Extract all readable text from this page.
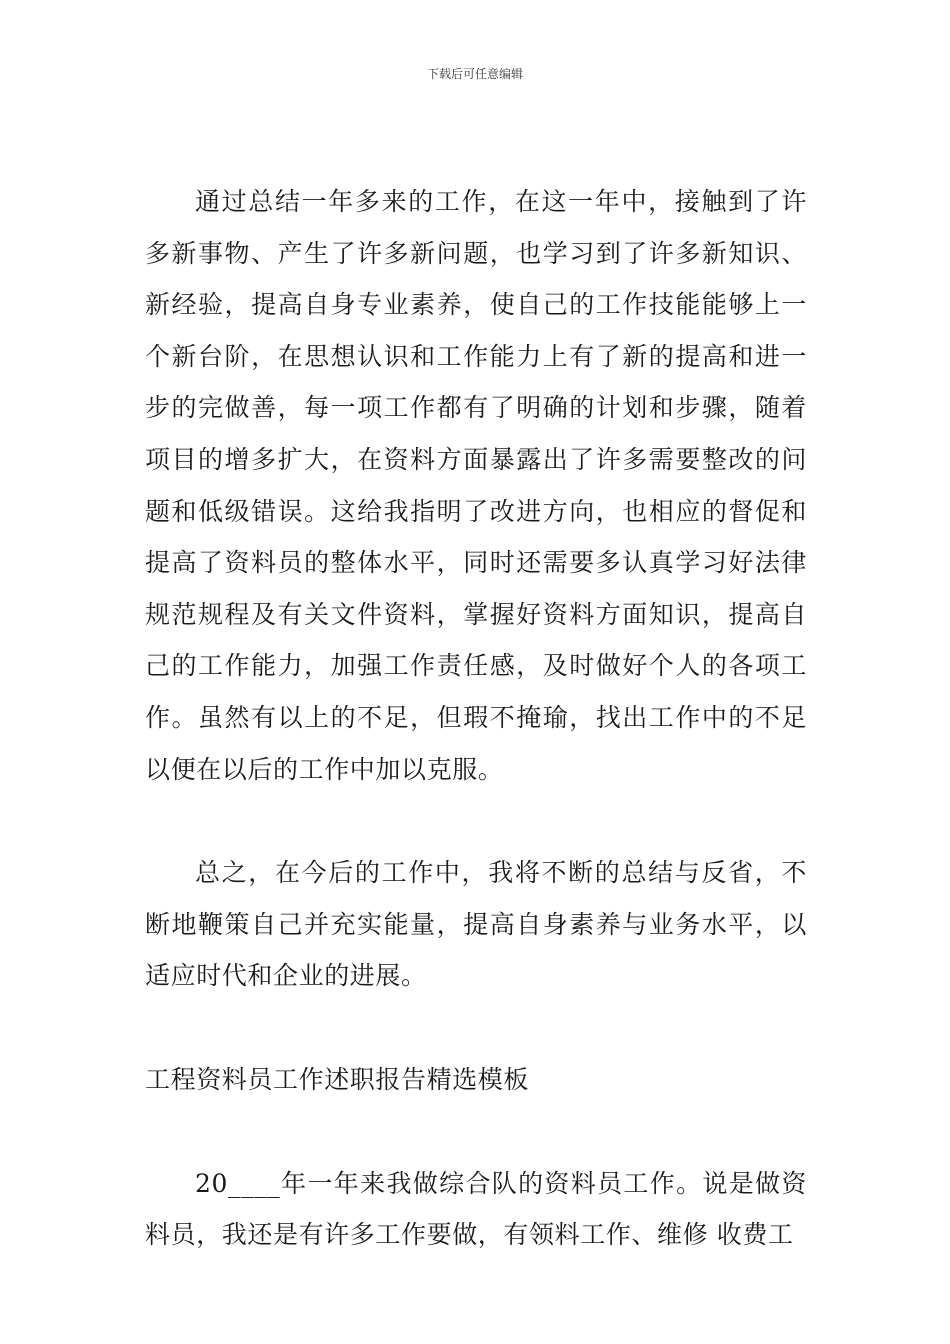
下载后可任意编辑

通过总结一年多来的工作，在这一年中，接触到了许多新事物、产生了许多新问题，也学习到了许多新知识、新经验，提高自身专业素养，使自己的工作技能能够上一个新台阶，在思想认识和工作能力上有了新的提高和进一步的完做善，每一项工作都有了明确的计划和步骤，随着项目的增多扩大，在资料方面暴露出了许多需要整改的问题和低级错误。这给我指明了改进方向，也相应的督促和提高了资料员的整体水平，同时还需要多认真学习好法律规范规程及有关文件资料，掌握好资料方面知识，提高自己的工作能力，加强工作责任感，及时做好个人的各项工作。虽然有以上的不足，但瑕不掩瑜，找出工作中的不足以便在以后的工作中加以克服。

总之，在今后的工作中，我将不断的总结与反省，不断地鞭策自己并充实能量，提高自身素养与业务水平，以适应时代和企业的进展。

工程资料员工作述职报告精选模板

20____年一年来我做综合队的资料员工作。说是做资料员，我还是有许多工作要做，有领料工作、维修 收费工
